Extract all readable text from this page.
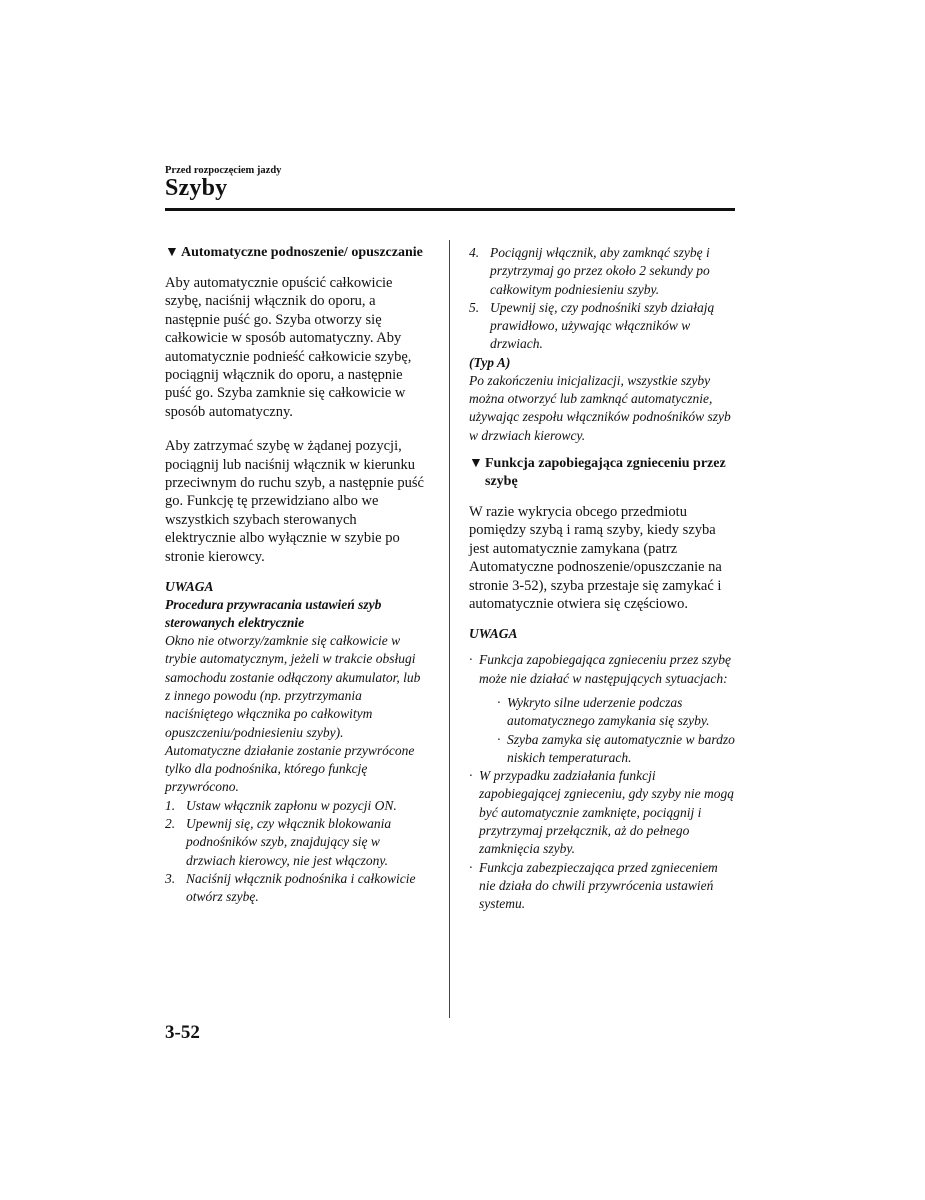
Przed rozpoczęciem jazdy
Szyby
▼ Automatyczne podnoszenie/ opuszczanie

Aby automatycznie opuścić całkowicie szybę, naciśnij włącznik do oporu, a następnie puść go. Szyba otworzy się całkowicie w sposób automatyczny. Aby automatycznie podnieść całkowicie szybę, pociągnij włącznik do oporu, a następnie puść go. Szyba zamknie się całkowicie w sposób automatyczny.

Aby zatrzymać szybę w żądanej pozycji, pociągnij lub naciśnij włącznik w kierunku przeciwnym do ruchu szyb, a następnie puść go. Funkcję tę przewidziano albo we wszystkich szybach sterowanych elektrycznie albo wyłącznie w szybie po stronie kierowcy.

UWAGA
Procedura przywracania ustawień szyb sterowanych elektrycznie
Okno nie otworzy/zamknie się całkowicie w trybie automatycznym, jeżeli w trakcie obsługi samochodu zostanie odłączony akumulator, lub z innego powodu (np. przytrzymania naciśniętego włącznika po całkowitym opuszczeniu/podniesieniu szyby).
Automatyczne działanie zostanie przywrócone tylko dla podnośnika, którego funkcję przywrócono.
1. Ustaw włącznik zapłonu w pozycji ON.
2. Upewnij się, czy włącznik blokowania podnośników szyb, znajdujący się w drzwiach kierowcy, nie jest włączony.
3. Naciśnij włącznik podnośnika i całkowicie otwórz szybę.
4. Pociągnij włącznik, aby zamknąć szybę i przytrzymaj go przez około 2 sekundy po całkowitym podniesieniu szyby.
5. Upewnij się, czy podnośniki szyb działają prawidłowo, używając włączników w drzwiach.
(Typ A)
Po zakończeniu inicjalizacji, wszystkie szyby można otworzyć lub zamknąć automatycznie, używając zespołu włączników podnośników szyb w drzwiach kierowcy.
▼ Funkcja zapobiegająca zgnieceniu przez szybę

W razie wykrycia obcego przedmiotu pomiędzy szybą i ramą szyby, kiedy szyba jest automatycznie zamykana (patrz Automatyczne podnoszenie/opuszczanie na stronie 3-52), szyba przestaje się zamykać i automatycznie otwiera się częściowo.

UWAGA
· Funkcja zapobiegająca zgnieceniu przez szybę może nie działać w następujących sytuacjach:
· Wykryto silne uderzenie podczas automatycznego zamykania się szyby.
· Szyba zamyka się automatycznie w bardzo niskich temperaturach.
· W przypadku zadziałania funkcji zapobiegającej zgnieceniu, gdy szyby nie mogą być automatycznie zamknięte, pociągnij i przytrzymaj przełącznik, aż do pełnego zamknięcia szyby.
· Funkcja zabezpieczająca przed zgnieceniem nie działa do chwili przywrócenia ustawień systemu.
3-52
